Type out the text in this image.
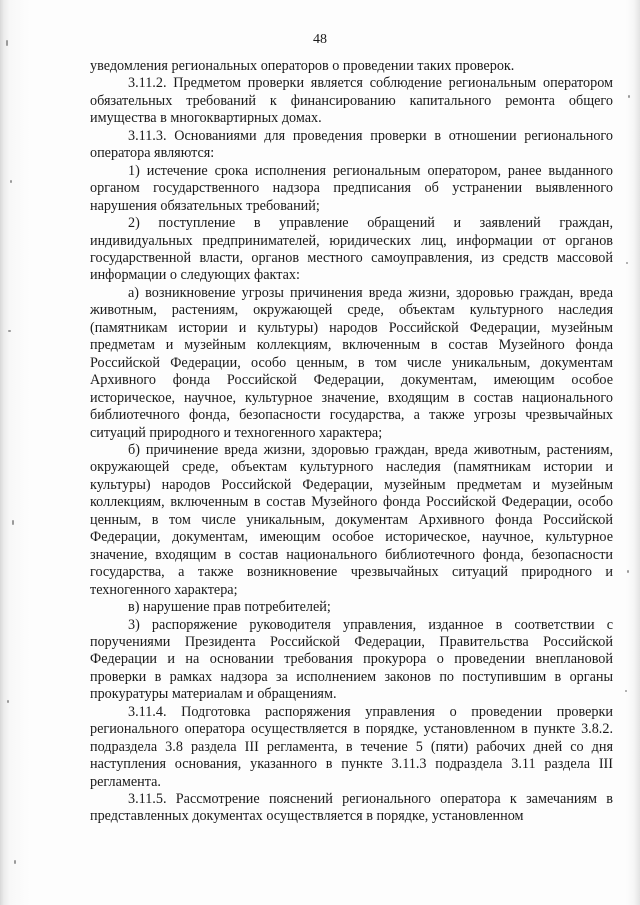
48

уведомления региональных операторов о проведении таких проверок.

3.11.2. Предметом проверки является соблюдение региональным оператором обязательных требований к финансированию капитального ремонта общего имущества в многоквартирных домах.

3.11.3. Основаниями для проведения проверки в отношении регионального оператора являются:

1) истечение срока исполнения региональным оператором, ранее выданного органом государственного надзора предписания об устранении выявленного нарушения обязательных требований;

2) поступление в управление обращений и заявлений граждан, индивидуальных предпринимателей, юридических лиц, информации от органов государственной власти, органов местного самоуправления, из средств массовой информации о следующих фактах:

а) возникновение угрозы причинения вреда жизни, здоровью граждан, вреда животным, растениям, окружающей среде, объектам культурного наследия (памятникам истории и культуры) народов Российской Федерации, музейным предметам и музейным коллекциям, включенным в состав Музейного фонда Российской Федерации, особо ценным, в том числе уникальным, документам Архивного фонда Российской Федерации, документам, имеющим особое историческое, научное, культурное значение, входящим в состав национального библиотечного фонда, безопасности государства, а также угрозы чрезвычайных ситуаций природного и техногенного характера;

б) причинение вреда жизни, здоровью граждан, вреда животным, растениям, окружающей среде, объектам культурного наследия (памятникам истории и культуры) народов Российской Федерации, музейным предметам и музейным коллекциям, включенным в состав Музейного фонда Российской Федерации, особо ценным, в том числе уникальным, документам Архивного фонда Российской Федерации, документам, имеющим особое историческое, научное, культурное значение, входящим в состав национального библиотечного фонда, безопасности государства, а также возникновение чрезвычайных ситуаций природного и техногенного характера;

в) нарушение прав потребителей;

3) распоряжение руководителя управления, изданное в соответствии с поручениями Президента Российской Федерации, Правительства Российской Федерации и на основании требования прокурора о проведении внеплановой проверки в рамках надзора за исполнением законов по поступившим в органы прокуратуры материалам и обращениям.

3.11.4. Подготовка распоряжения управления о проведении проверки регионального оператора осуществляется в порядке, установленном в пункте 3.8.2. подраздела 3.8 раздела III регламента, в течение 5 (пяти) рабочих дней со дня наступления основания, указанного в пункте 3.11.3 подраздела 3.11 раздела III регламента.

3.11.5. Рассмотрение пояснений регионального оператора к замечаниям в представленных документах осуществляется в порядке, установленном
